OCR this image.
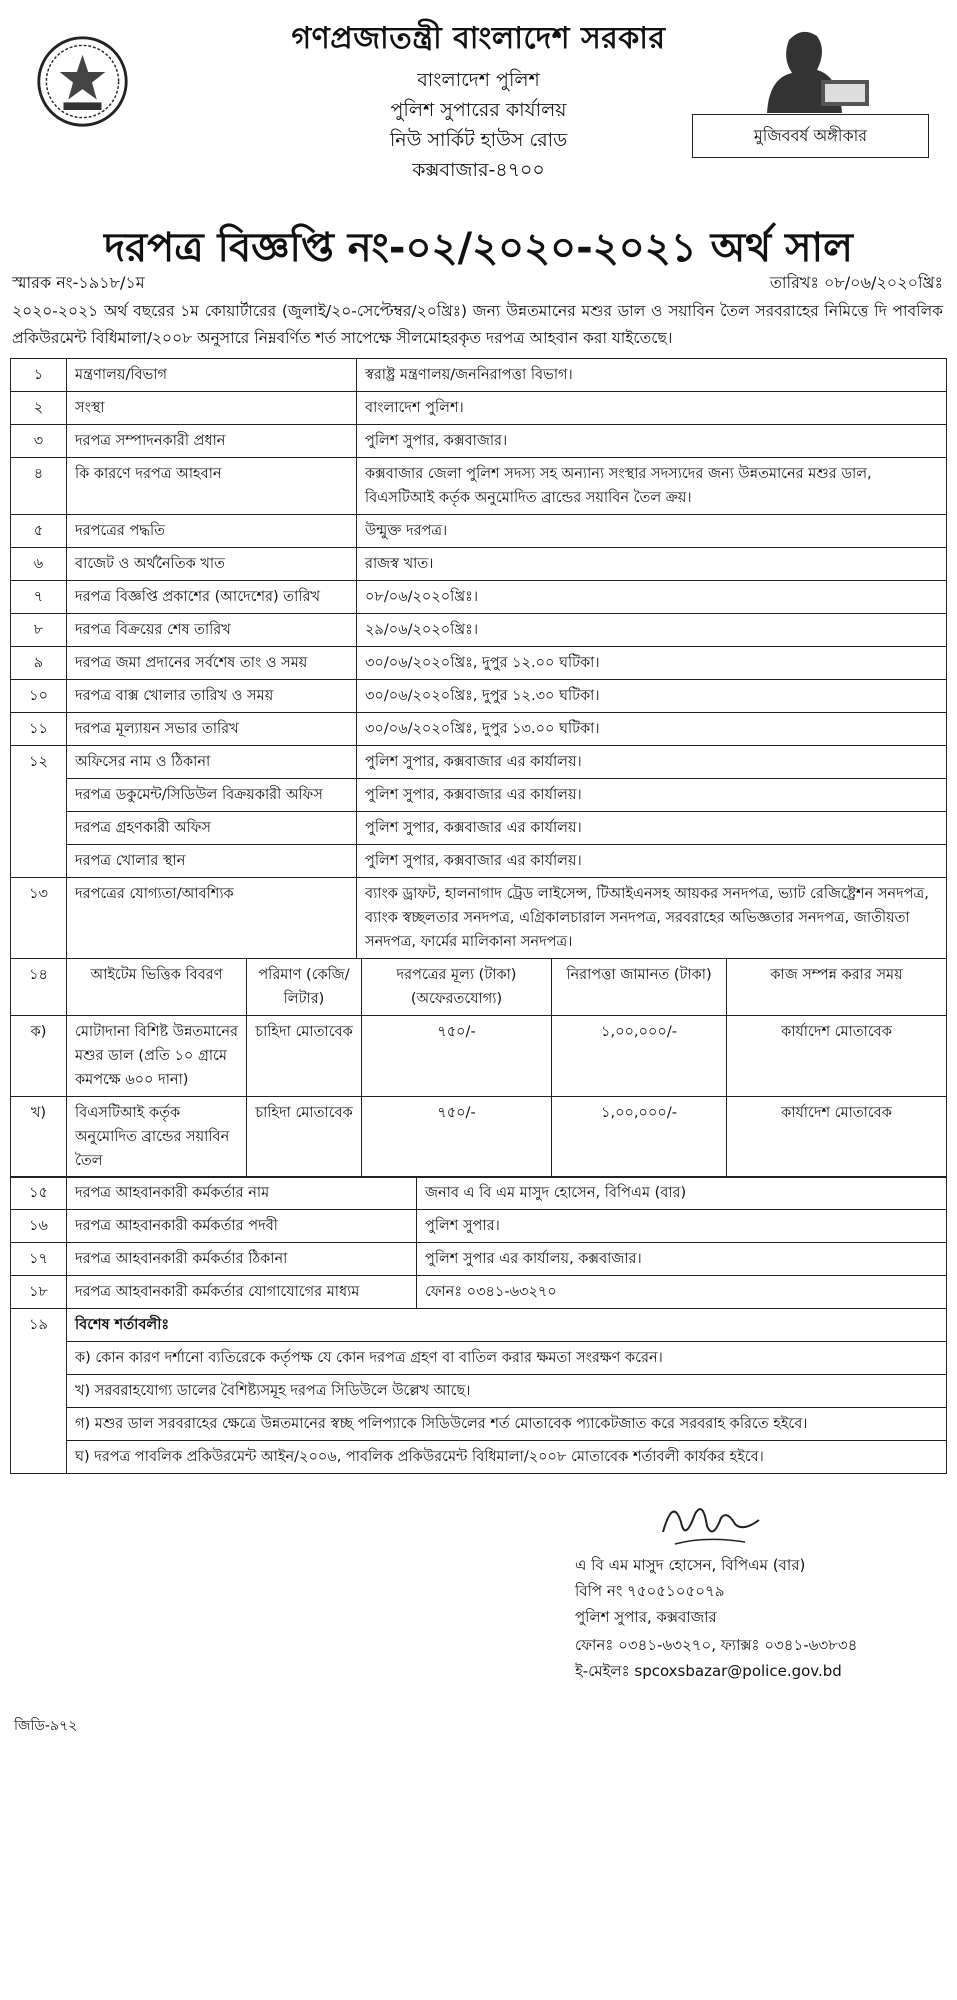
গণপ্রজাতন্ত্রী বাংলাদেশ সরকার
বাংলাদেশ পুলিশ
পুলিশ সুপারের কার্যালয়
নিউ সার্কিট হাউস রোড
কক্সবাজার-৪৭০০
মুজিববর্ষ অঙ্গীকার
দরপত্র বিজ্ঞপ্তি নং-০২/২০২০-২০২১ অর্থ সাল
স্মারক নং-১৯১৮/১ম	তারিখঃ ০৮/০৬/২০২০খ্রিঃ
২০২০-২০২১ অর্থ বছরের ১ম কোয়ার্টারের (জুলাই/২০-সেপ্টেম্বর/২০খ্রিঃ) জন্য উন্নতমানের মশুর ডাল ও সয়াবিন তৈল সরবরাহের নিমিত্তে দি পাবলিক প্রকিউরমেন্ট বিধিমালা/২০০৮ অনুসারে নিম্নবর্ণিত শর্ত সাপেক্ষে সীলমোহরকৃত দরপত্র আহবান করা যাইতেছে।
১	মন্ত্রণালয়/বিভাগ	স্বরাষ্ট্র মন্ত্রণালয়/জননিরাপত্তা বিভাগ।
২	সংস্থা	বাংলাদেশ পুলিশ।
৩	দরপত্র সম্পাদনকারী প্রধান	পুলিশ সুপার, কক্সবাজার।
৪	কি কারণে দরপত্র আহবান	কক্সবাজার জেলা পুলিশ সদস্য সহ অন্যান্য সংস্থার সদস্যদের জন্য উন্নতমানের মশুর ডাল, বিএসটিআই কর্তৃক অনুমোদিত ব্রান্ডের সয়াবিন তৈল ক্রয়।
৫	দরপত্রের পদ্ধতি	উন্মুক্ত দরপত্র।
৬	বাজেট ও অর্থনৈতিক খাত	রাজস্ব খাত।
৭	দরপত্র বিজ্ঞপ্তি প্রকাশের (আদেশের) তারিখ	০৮/০৬/২০২০খ্রিঃ।
৮	দরপত্র বিক্রয়ের শেষ তারিখ	২৯/০৬/২০২০খ্রিঃ।
৯	দরপত্র জমা প্রদানের সর্বশেষ তাং ও সময়	৩০/০৬/২০২০খ্রিঃ, দুপুর ১২.০০ ঘটিকা।
১০	দরপত্র বাক্স খোলার তারিখ ও সময়	৩০/০৬/২০২০খ্রিঃ, দুপুর ১২.৩০ ঘটিকা।
১১	দরপত্র মূল্যায়ন সভার তারিখ	৩০/০৬/২০২০খ্রিঃ, দুপুর ১৩.০০ ঘটিকা।
১২	অফিসের নাম ও ঠিকানা	পুলিশ সুপার, কক্সবাজার এর কার্যালয়।
	দরপত্র ডকুমেন্ট/সিডিউল বিক্রয়কারী অফিস	পুলিশ সুপার, কক্সবাজার এর কার্যালয়।
	দরপত্র গ্রহণকারী অফিস	পুলিশ সুপার, কক্সবাজার এর কার্যালয়।
	দরপত্র খোলার স্থান	পুলিশ সুপার, কক্সবাজার এর কার্যালয়।
১৩	দরপত্রের যোগ্যতা/আবশ্যিক	ব্যাংক ড্রাফট, হালনাগাদ ট্রেড লাইসেন্স, টিআইএনসহ আয়কর সনদপত্র, ভ্যাট রেজিষ্ট্রেশন সনদপত্র, ব্যাংক স্বচ্ছলতার সনদপত্র, এগ্রিকালচারাল সনদপত্র, সরবরাহের অভিজ্ঞতার সনদপত্র, জাতীয়তা সনদপত্র, ফার্মের মালিকানা সনদপত্র।
১৪	আইটেম ভিত্তিক বিবরণ	পরিমাণ (কেজি/লিটার)	দরপত্রের মূল্য (টাকা) (অফেরতযোগ্য)	নিরাপত্তা জামানত (টাকা)	কাজ সম্পন্ন করার সময়
ক)	মোটাদানা বিশিষ্ট উন্নতমানের মশুর ডাল (প্রতি ১০ গ্রামে কমপক্ষে ৬০০ দানা)	চাহিদা মোতাবেক	৭৫০/-	১,০০,০০০/-	কার্যাদেশ মোতাবেক
খ)	বিএসটিআই কর্তৃক অনুমোদিত ব্রান্ডের সয়াবিন তৈল	চাহিদা মোতাবেক	৭৫০/-	১,০০,০০০/-	কার্যাদেশ মোতাবেক
১৫	দরপত্র আহবানকারী কর্মকর্তার নাম	জনাব এ বি এম মাসুদ হোসেন, বিপিএম (বার)
১৬	দরপত্র আহবানকারী কর্মকর্তার পদবী	পুলিশ সুপার।
১৭	দরপত্র আহবানকারী কর্মকর্তার ঠিকানা	পুলিশ সুপার এর কার্যালয়, কক্সবাজার।
১৮	দরপত্র আহবানকারী কর্মকর্তার যোগাযোগের মাধ্যম	ফোনঃ ০৩৪১-৬৩২৭০
১৯	বিশেষ শর্তাবলীঃ
ক) কোন কারণ দর্শানো ব্যতিরেকে কর্তৃপক্ষ যে কোন দরপত্র গ্রহণ বা বাতিল করার ক্ষমতা সংরক্ষণ করেন।
খ) সরবরাহযোগ্য ডালের বৈশিষ্ট্যসমূহ দরপত্র সিডিউলে উল্লেখ আছে।
গ) মশুর ডাল সরবরাহের ক্ষেত্রে উন্নতমানের স্বচ্ছ পলিপ্যাকে সিডিউলের শর্ত মোতাবেক প্যাকেটজাত করে সরবরাহ করিতে হইবে।
ঘ) দরপত্র পাবলিক প্রকিউরমেন্ট আইন/২০০৬, পাবলিক প্রকিউরমেন্ট বিধিমালা/২০০৮ মোতাবেক শর্তাবলী কার্যকর হইবে।
এ বি এম মাসুদ হোসেন, বিপিএম (বার)
বিপি নং ৭৫০৫১০৫০৭৯
পুলিশ সুপার, কক্সবাজার
ফোনঃ ০৩৪১-৬৩২৭০, ফ্যাক্সঃ ০৩৪১-৬৩৮৩৪
ই-মেইলঃ spcoxsbazar@police.gov.bd
জিডি-৯৭২
